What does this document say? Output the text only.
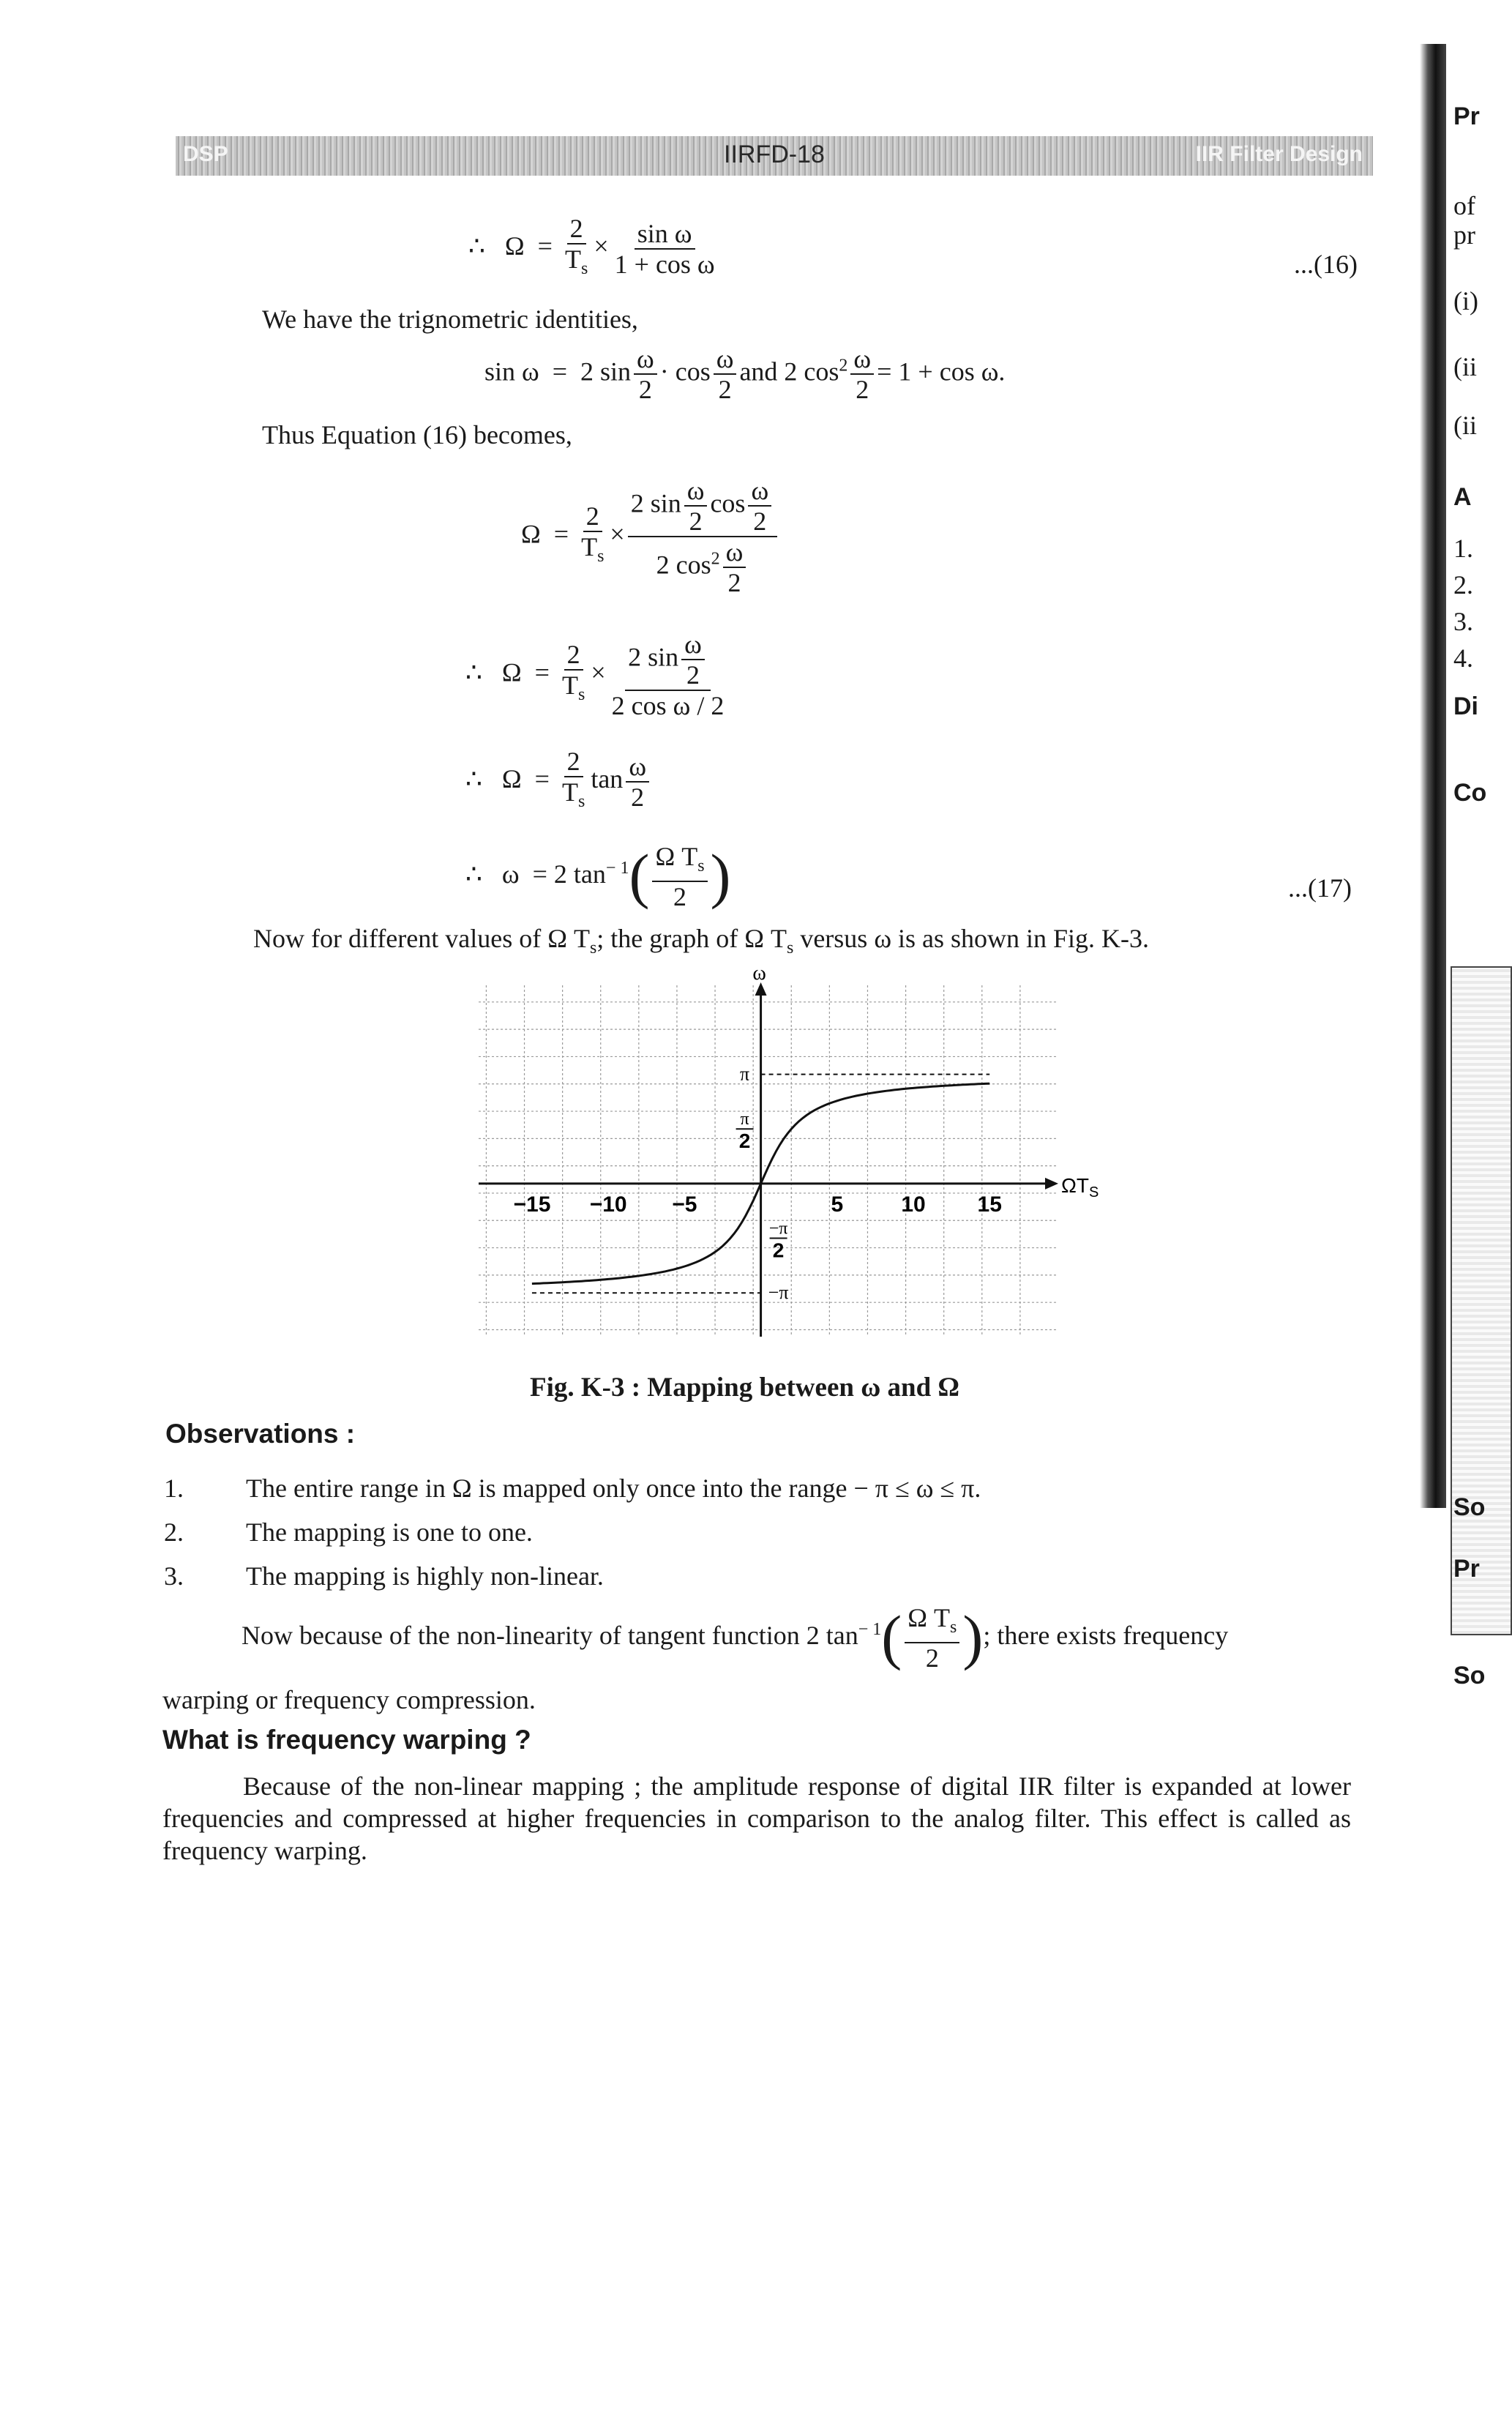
DSP	IIRFD-18	IIR Filter Design
∴ $\Omega = \frac{2}{T_s} \times \frac{\text{sin ω}}{\text{1 + cos ω}}$	...(16)
We have the trignometric identities,
sin ω = 2 $\sin \frac{\omega}{2} \cdot \cos \frac{\omega}{2}$ and 2 $\cos^2 \frac{\omega}{2} = 1 + \cos \omega$.
Thus Equation (16) becomes,
$\Omega = \frac{2}{T_s} \times \frac{2 \sin \frac{\omega}{2} \cos \frac{\omega}{2}}{2 \cos^2 \frac{\omega}{2}}$
∴ $\Omega = \frac{2}{T_s} \times \frac{2 \sin \frac{\omega}{2}}{\text{2 cos ω / 2}}$
∴ $\Omega = \frac{2}{T_s}$ $\tan \frac{\omega}{2}$
∴ ω = 2 $\tan^{- 1}( \frac{\Omega T_s}{2}$ )	...(17)
Now for different values of Ω $T_s$; the graph of Ω $T_s$ versus ω is as shown in Fig. K-3.
ω
$\Omega T_S$
−15 −10 −5	5	10 15
π
π
2
−π
2
−π
Fig. K-3 : Mapping between ω and Ω
Observations :
Now because of the non-linearity of tangent function 2 $\tan^{- 1}( \frac{\Omega T_s}{2}$ ); there exists frequency
warping or frequency compression.
What is frequency warping ?
Because of the non-linear mapping ; the amplitude response of digital IIR filter is expanded at lower frequencies and compressed at higher frequencies in comparison to the analog filter. This effect is called as frequency warping.
Pr
of
pr
(i)
(ii
(ii
A
1.
2.
3.
4.
Di
Co
So
Pr
So
1. The entire range in Ω is mapped only once into the range − π ≤ ω ≤ π.
2. The mapping is one to one.
3. The mapping is highly non-linear.
